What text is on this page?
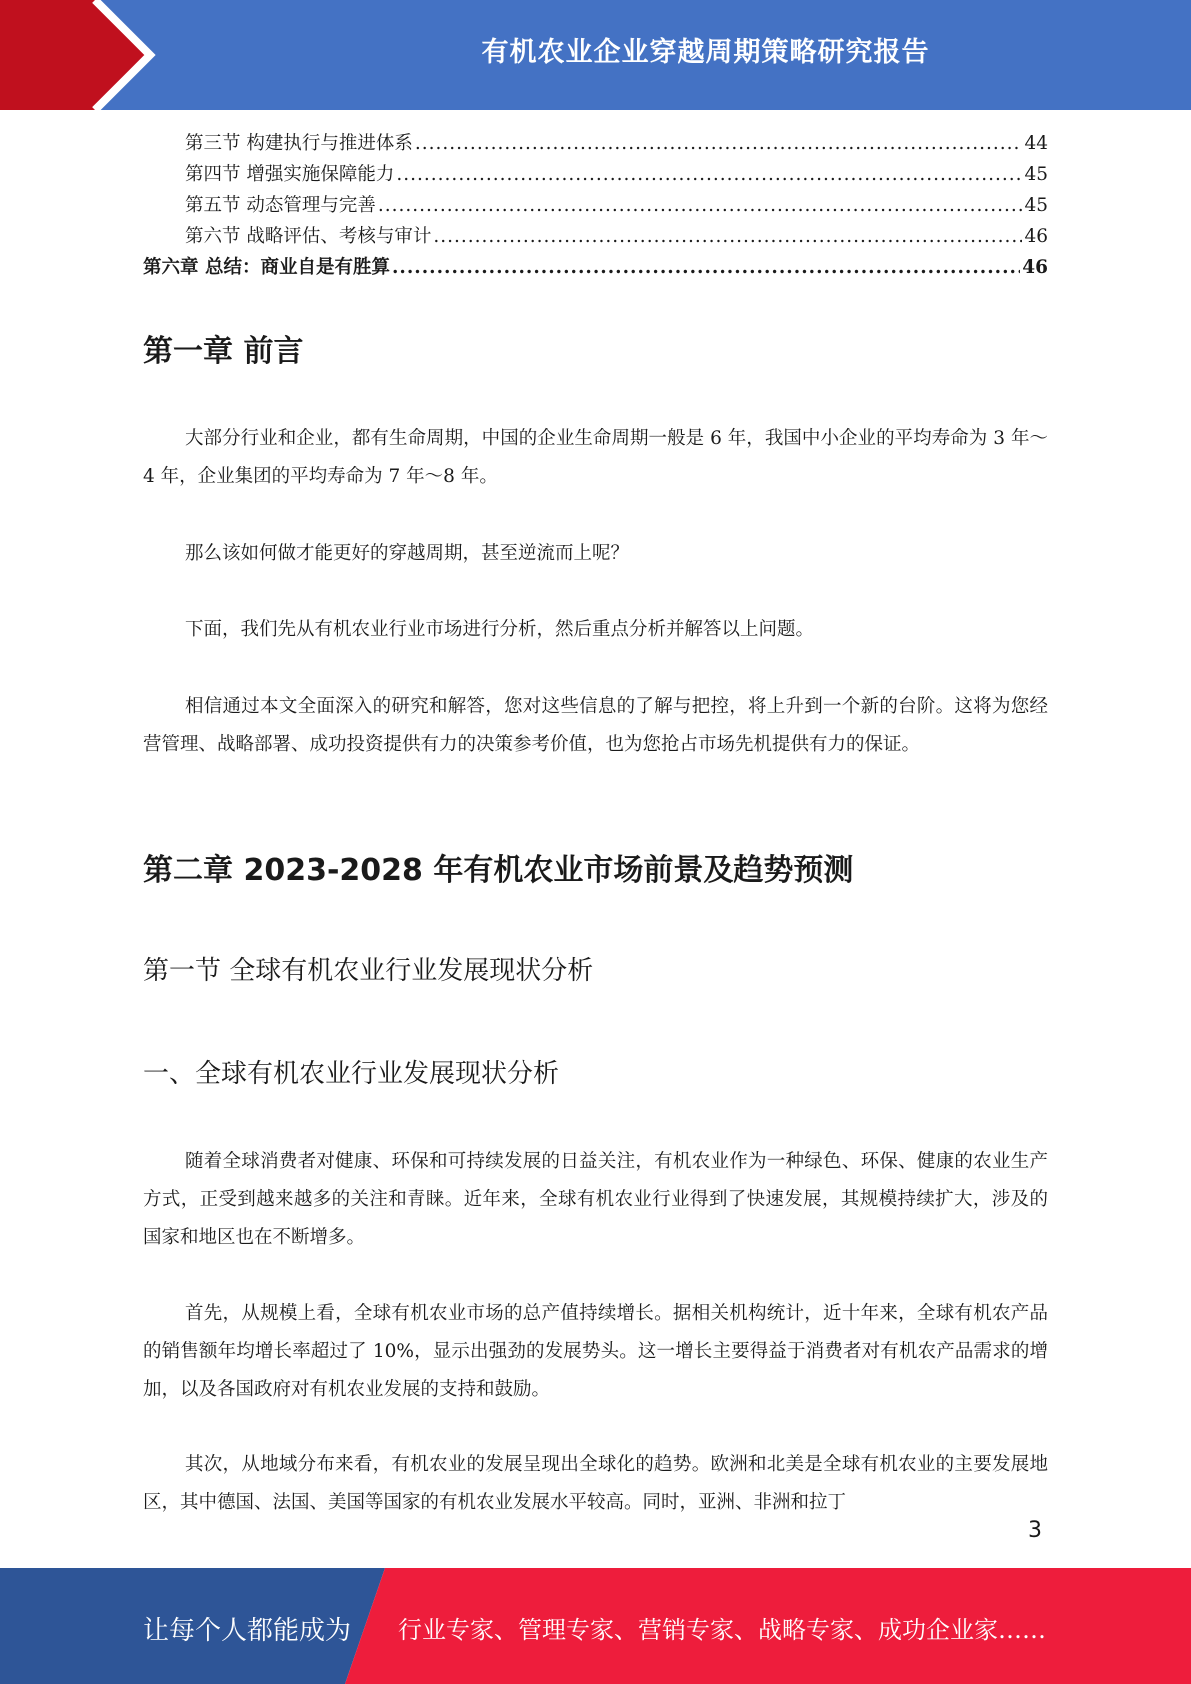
有机农业企业穿越周期策略研究报告
第三节 构建执行与推进体系 .....	44
第四节 增强实施保障能力 .....	45
第五节 动态管理与完善 .....	45
第六节 战略评估、考核与审计 .....	46
第六章 总结：商业自是有胜算 .....	46
第一章 前言

大部分行业和企业，都有生命周期，中国的企业生命周期一般是 6 年，我国中小企业的平均寿命为 3 年～4 年，企业集团的平均寿命为 7 年～8 年。

那么该如何做才能更好的穿越周期，甚至逆流而上呢？

下面，我们先从有机农业行业市场进行分析，然后重点分析并解答以上问题。

相信通过本文全面深入的研究和解答，您对这些信息的了解与把控，将上升到一个新的台阶。这将为您经营管理、战略部署、成功投资提供有力的决策参考价值，也为您抢占市场先机提供有力的保证。

第二章 2023-2028 年有机农业市场前景及趋势预测
第一节 全球有机农业行业发展现状分析
一、全球有机农业行业发展现状分析

随着全球消费者对健康、环保和可持续发展的日益关注，有机农业作为一种绿色、环保、健康的农业生产方式，正受到越来越多的关注和青睐。近年来，全球有机农业行业得到了快速发展，其规模持续扩大，涉及的国家和地区也在不断增多。

首先，从规模上看，全球有机农业市场的总产值持续增长。据相关机构统计，近十年来，全球有机农产品的销售额年均增长率超过了 10%，显示出强劲的发展势头。这一增长主要得益于消费者对有机农产品需求的增加，以及各国政府对有机农业发展的支持和鼓励。

其次，从地域分布来看，有机农业的发展呈现出全球化的趋势。欧洲和北美是全球有机农业的主要发展地区，其中德国、法国、美国等国家的有机农业发展水平较高。同时，亚洲、非洲和拉丁

3
让每个人都能成为 行业专家、管理专家、营销专家、战略专家、成功企业家……
